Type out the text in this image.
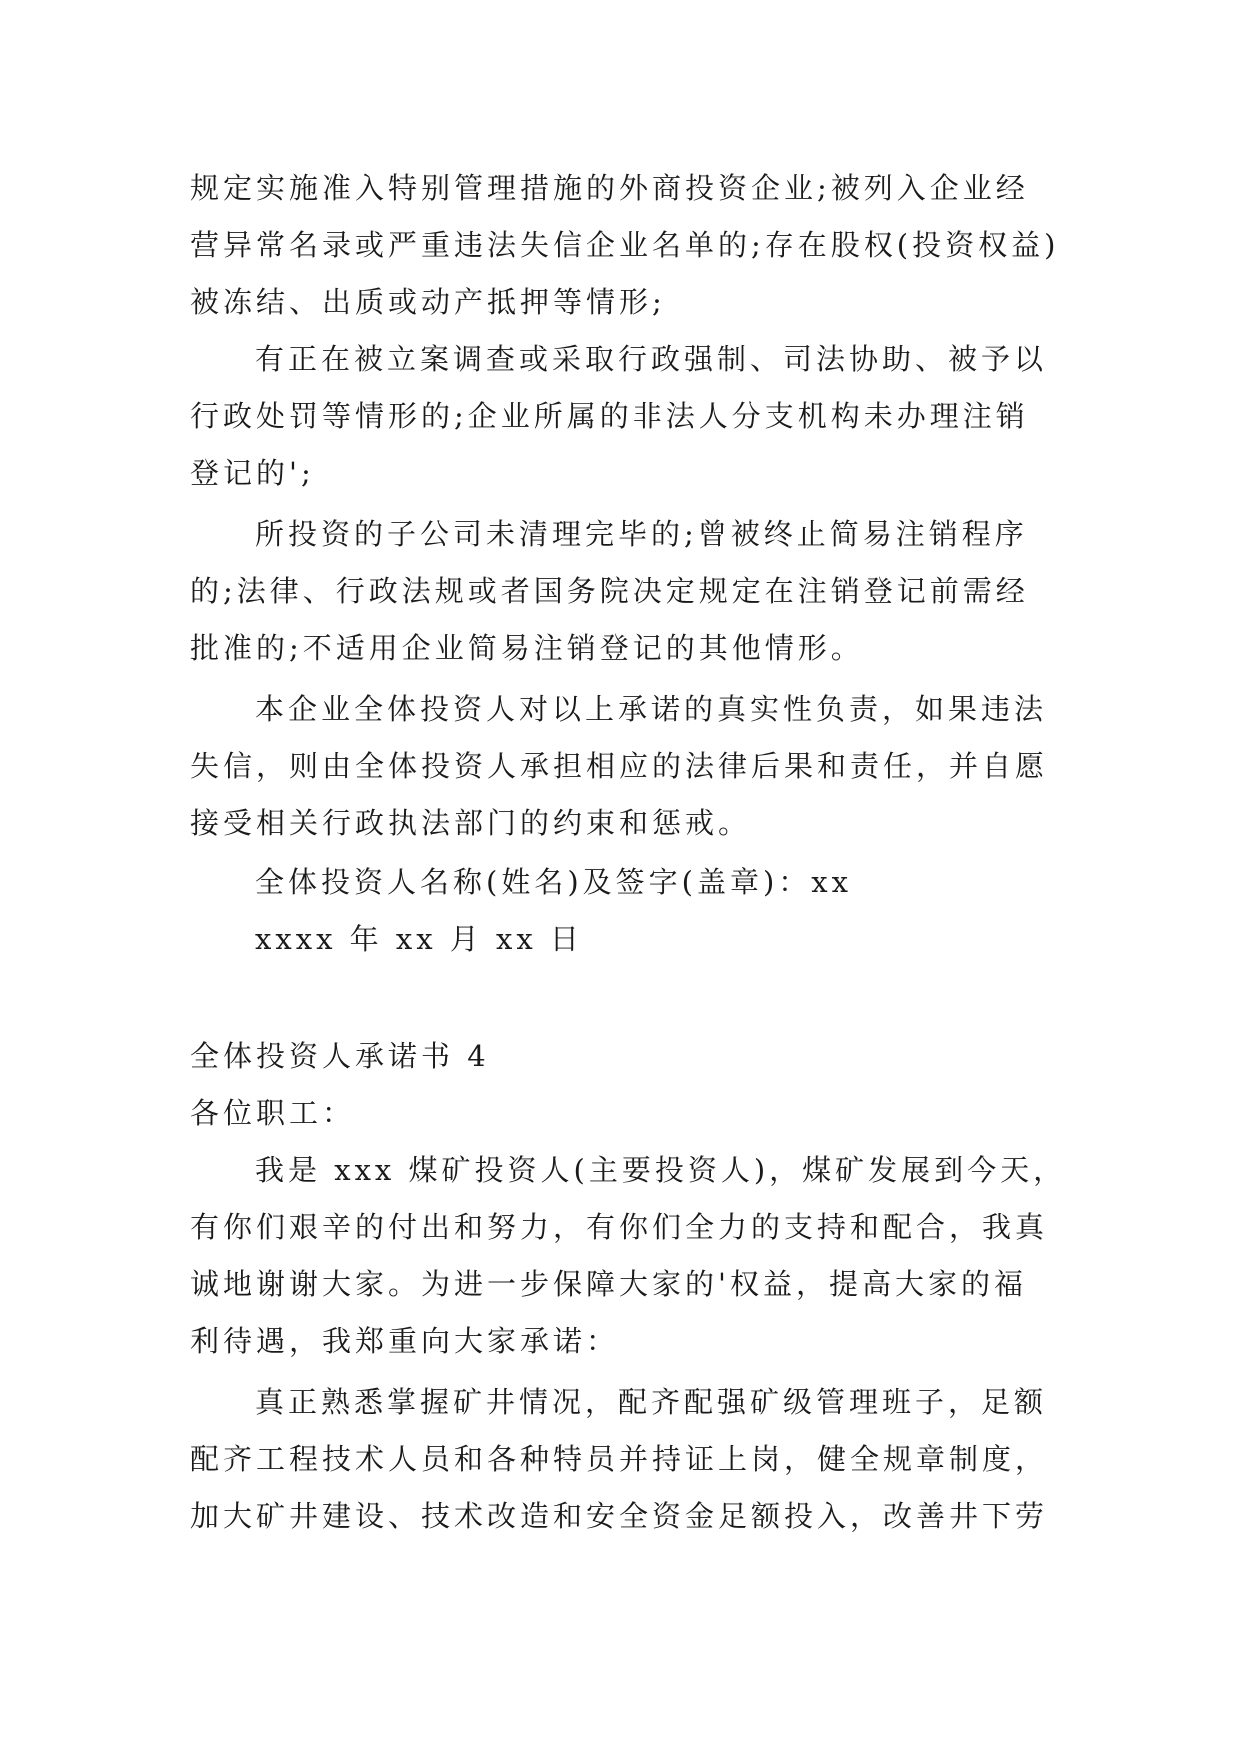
规定实施准入特别管理措施的外商投资企业;被列入企业经
营异常名录或严重违法失信企业名单的;存在股权(投资权益)
被冻结、出质或动产抵押等情形;
有正在被立案调查或采取行政强制、司法协助、被予以
行政处罚等情形的;企业所属的非法人分支机构未办理注销
登记的';
所投资的子公司未清理完毕的;曾被终止简易注销程序
的;法律、行政法规或者国务院决定规定在注销登记前需经
批准的;不适用企业简易注销登记的其他情形。
本企业全体投资人对以上承诺的真实性负责，如果违法
失信，则由全体投资人承担相应的法律后果和责任，并自愿
接受相关行政执法部门的约束和惩戒。
全体投资人名称(姓名)及签字(盖章)：xx
xxxx 年 xx 月 xx 日
全体投资人承诺书 4
各位职工：
我是 xxx 煤矿投资人(主要投资人)，煤矿发展到今天，
有你们艰辛的付出和努力，有你们全力的支持和配合，我真
诚地谢谢大家。为进一步保障大家的'权益，提高大家的福
利待遇，我郑重向大家承诺：
真正熟悉掌握矿井情况，配齐配强矿级管理班子，足额
配齐工程技术人员和各种特员并持证上岗，健全规章制度，
加大矿井建设、技术改造和安全资金足额投入，改善井下劳
